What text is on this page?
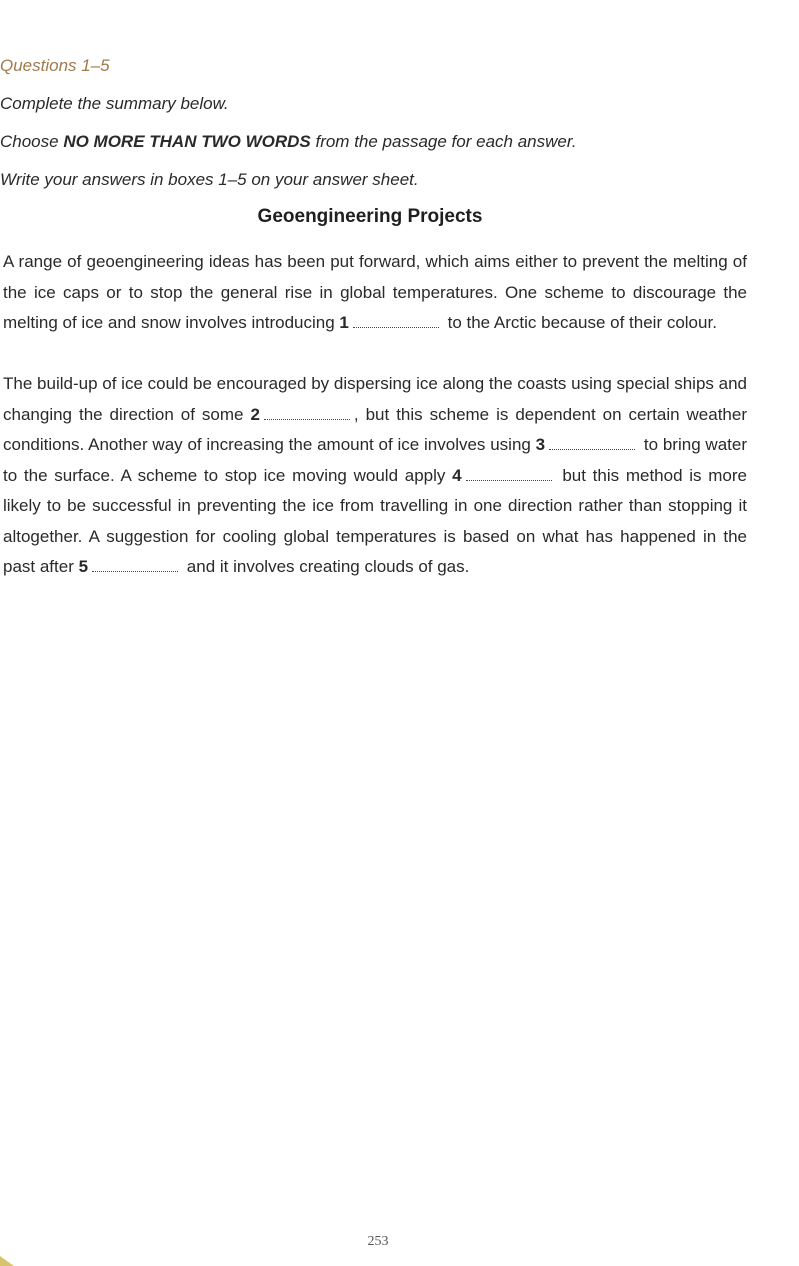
Questions 1–5
Complete the summary below.
Choose NO MORE THAN TWO WORDS from the passage for each answer.
Write your answers in boxes 1–5 on your answer sheet.
Geoengineering Projects
A range of geoengineering ideas has been put forward, which aims either to prevent the melting of the ice caps or to stop the general rise in global temperatures. One scheme to discourage the melting of ice and snow involves introducing 1	to the Arctic because of their colour.
The build-up of ice could be encouraged by dispersing ice along the coasts using special ships and changing the direction of some 2	, but this scheme is dependent on certain weather conditions. Another way of increasing the amount of ice involves using 3	to bring water to the surface. A scheme to stop ice moving would apply 4	but this method is more likely to be successful in preventing the ice from travelling in one direction rather than stopping it altogether. A suggestion for cooling global temperatures is based on what has happened in the past after 5	and it involves creating clouds of gas.
253
